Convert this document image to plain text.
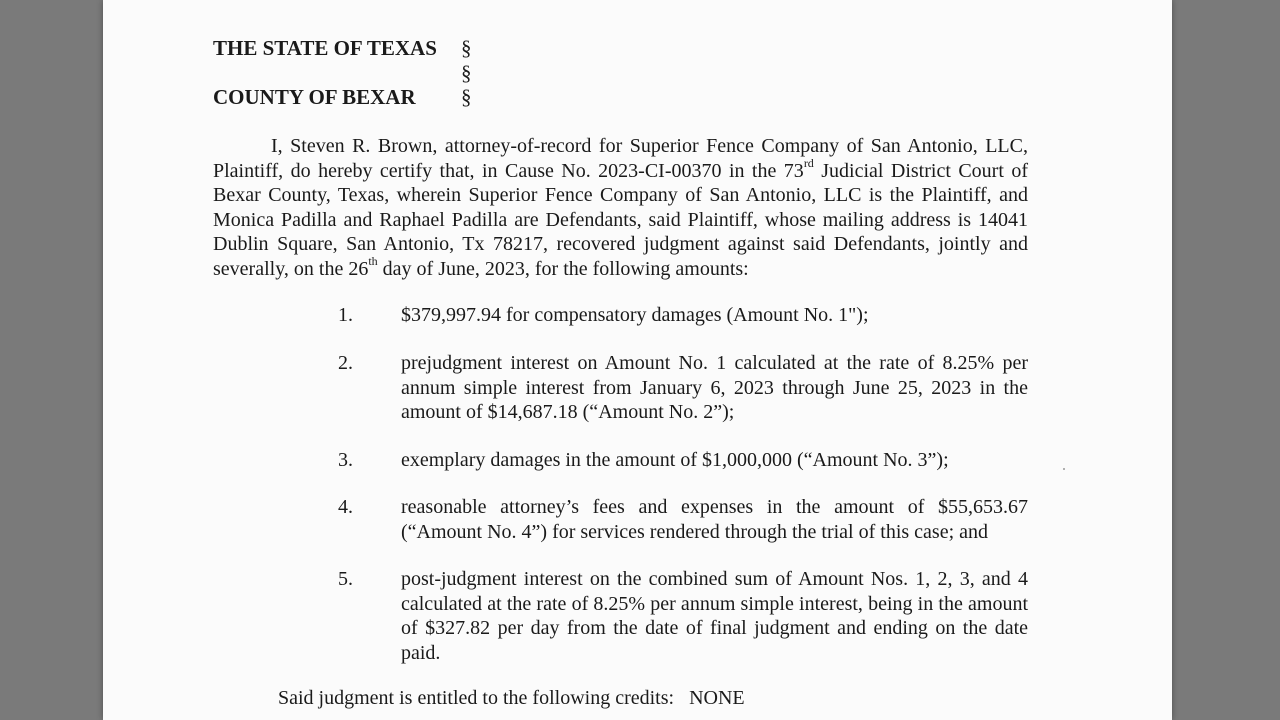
THE STATE OF TEXAS §
§
COUNTY OF BEXAR §

I, Steven R. Brown, attorney-of-record for Superior Fence Company of San Antonio, LLC, Plaintiff, do hereby certify that, in Cause No. 2023-CI-00370 in the 73rd Judicial District Court of Bexar County, Texas, wherein Superior Fence Company of San Antonio, LLC is the Plaintiff, and Monica Padilla and Raphael Padilla are Defendants, said Plaintiff, whose mailing address is 14041 Dublin Square, San Antonio, Tx 78217, recovered judgment against said Defendants, jointly and severally, on the 26th day of June, 2023, for the following amounts:

1. $379,997.94 for compensatory damages (Amount No. 1");
2. prejudgment interest on Amount No. 1 calculated at the rate of 8.25% per annum simple interest from January 6, 2023 through June 25, 2023 in the amount of $14,687.18 (“Amount No. 2”);
3. exemplary damages in the amount of $1,000,000 (“Amount No. 3”);
4. reasonable attorney’s fees and expenses in the amount of $55,653.67 (“Amount No. 4”) for services rendered through the trial of this case; and
5. post-judgment interest on the combined sum of Amount Nos. 1, 2, 3, and 4 calculated at the rate of 8.25% per annum simple interest, being in the amount of $327.82 per day from the date of final judgment and ending on the date paid.
Said judgment is entitled to the following credits: NONE
